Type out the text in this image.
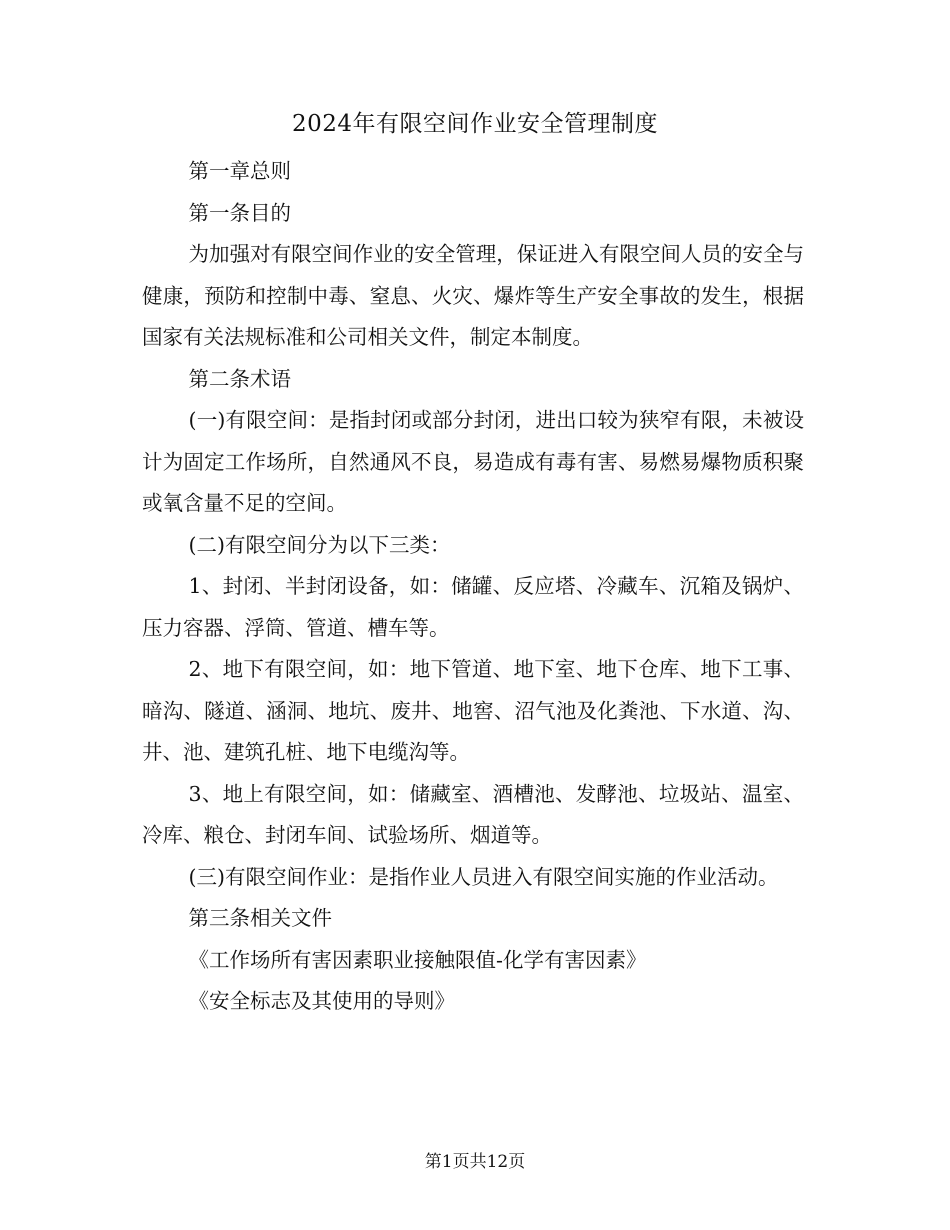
2024年有限空间作业安全管理制度

第一章总则

第一条目的

为加强对有限空间作业的安全管理，保证进入有限空间人员的安全与健康，预防和控制中毒、窒息、火灾、爆炸等生产安全事故的发生，根据国家有关法规标准和公司相关文件，制定本制度。

第二条术语

(一)有限空间：是指封闭或部分封闭，进出口较为狭窄有限，未被设计为固定工作场所，自然通风不良，易造成有毒有害、易燃易爆物质积聚或氧含量不足的空间。

(二)有限空间分为以下三类：

1、封闭、半封闭设备，如：储罐、反应塔、冷藏车、沉箱及锅炉、压力容器、浮筒、管道、槽车等。

2、地下有限空间，如：地下管道、地下室、地下仓库、地下工事、暗沟、隧道、涵洞、地坑、废井、地窖、沼气池及化粪池、下水道、沟、井、池、建筑孔桩、地下电缆沟等。

3、地上有限空间，如：储藏室、酒槽池、发酵池、垃圾站、温室、冷库、粮仓、封闭车间、试验场所、烟道等。

(三)有限空间作业：是指作业人员进入有限空间实施的作业活动。

第三条相关文件

《工作场所有害因素职业接触限值-化学有害因素》

《安全标志及其使用的导则》

第1页共12页
